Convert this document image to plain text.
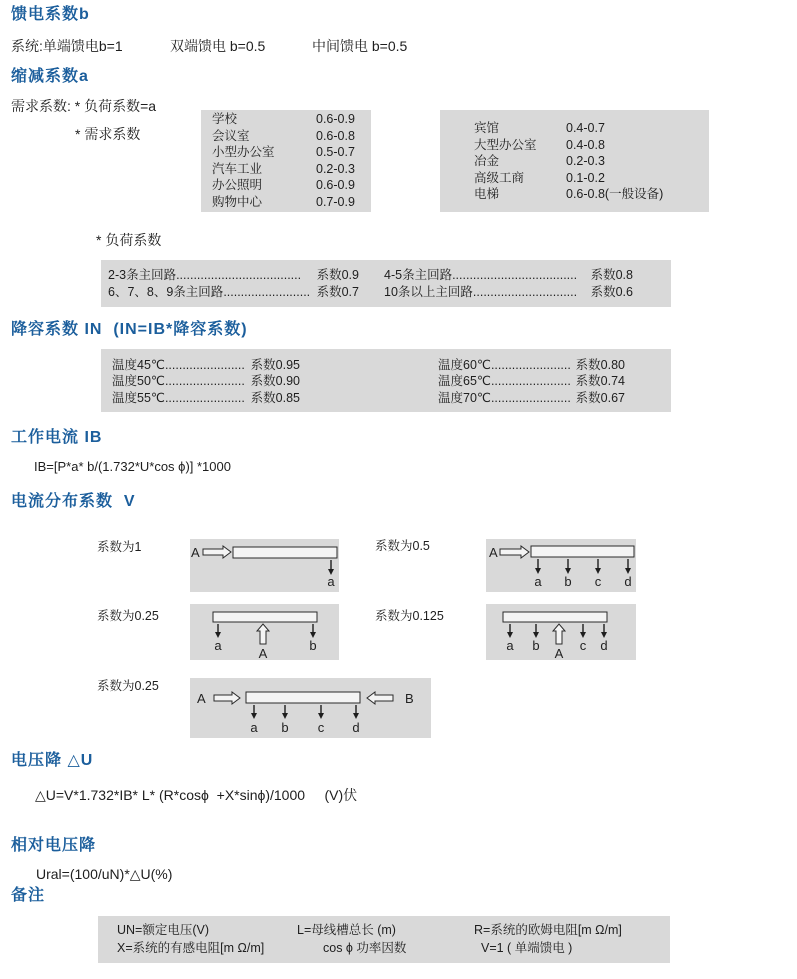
馈电系数b
系统:单端馈电b=1	双端馈电 b=0.5	中间馈电 b=0.5
缩减系数a
需求系数: * 负荷系数=a
* 需求系数
学校	0.6-0.9
会议室	0.6-0.8
小型办公室	0.5-0.7
汽车工业	0.2-0.3
办公照明	0.6-0.9
购物中心	0.7-0.9
宾馆	0.4-0.7
大型办公室 0.4-0.8
冶金	0.2-0.3
高级工商	0.1-0.2
电梯	0.6-0.8(一般设备)
* 负荷系数
2-3条主回路 ....................................	系数0.9 4-5条主回路 ....................................	系数0.8
6、7、8、9条主回路 ......................... 系数0.7 10条以上主回路 ..............................	系数0.6
降容系数 IN  (IN=IB*降容系数)
温度45℃ ....................... 系数0.95	温度60℃ ....................... 系数0.80
温度50℃ ....................... 系数0.90	温度65℃ ....................... 系数0.74
温度55℃ ....................... 系数0.85	温度70℃ ....................... 系数0.67
工作电流 IB
IB=[P*a* b/(1.732*U*cos ϕ)] *1000
电流分布系数  V
系数为1	A
a
系数为0.5	A
a b c d
系数为0.25
a	b
A
系数为0.125
a b	c d
A
系数为0.25
A	B
a b c d
电压降 △U
△U=V*1.732*IB* L* (R*cosϕ  +X*sinϕ)/1000     (V)伏
相对电压降
Ural=(100/uN)*△U(%)
备注
UN=额定电压(V)	L=母线槽总长 (m)	R=系统的欧姆电阻[m Ω/m]
X=系统的有感电阻[m Ω/m]	cos ϕ 功率因数	V=1 ( 单端馈电 )
